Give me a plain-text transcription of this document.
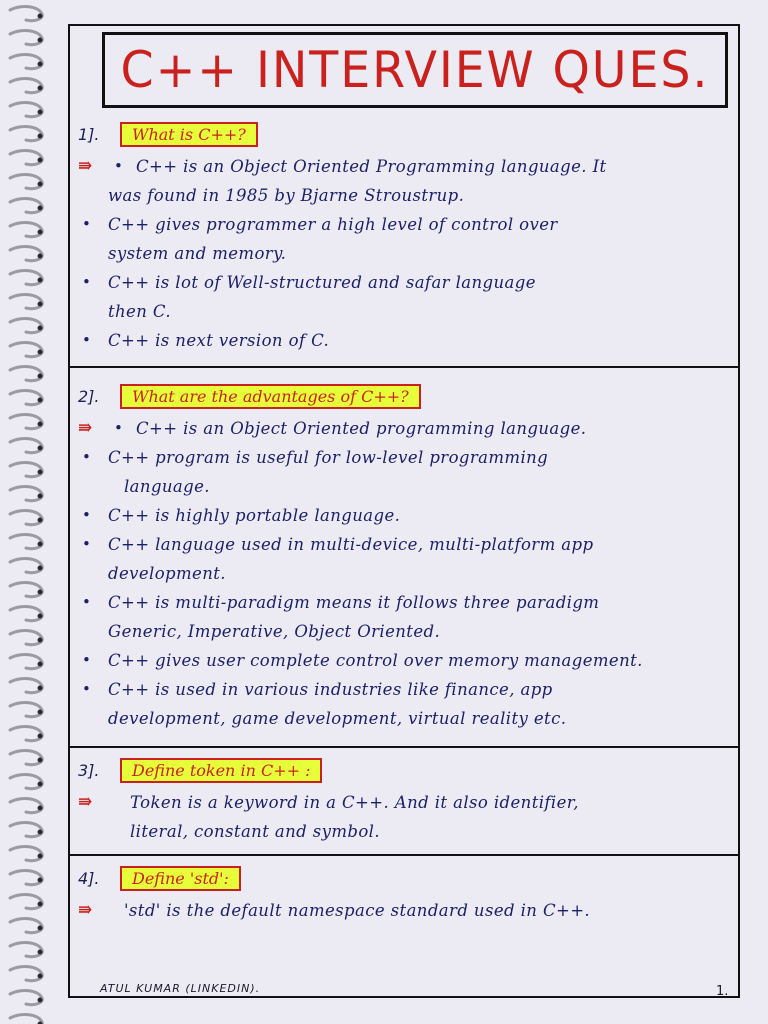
C++ INTERVIEW QUES.
1].	What is C++?
⇛ • C++ is an Object Oriented Programming language. It
was found in 1985 by Bjarne Stroustrup.
• C++ gives programmer a high level of control over
system and memory.
• C++ is lot of Well-structured and safar language
then C.
• C++ is next version of C.
2].	What are the advantages of C++?
⇛ • C++ is an Object Oriented programming language.
• C++ program is useful for low-level programming
language.
• C++ is highly portable language.
• C++ language used in multi-device, multi-platform app
development.
• C++ is multi-paradigm means it follows three paradigm
Generic, Imperative, Object Oriented.
• C++ gives user complete control over memory management.
• C++ is used in various industries like finance, app
development, game development, virtual reality etc.
3].	Define token in C++ :
⇛ Token is a keyword in a C++. And it also identifier,
literal, constant and symbol.
4].	Define 'std':
⇛ 'std' is the default namespace standard used in C++.
ATUL KUMAR (LINKEDIN).	1.
